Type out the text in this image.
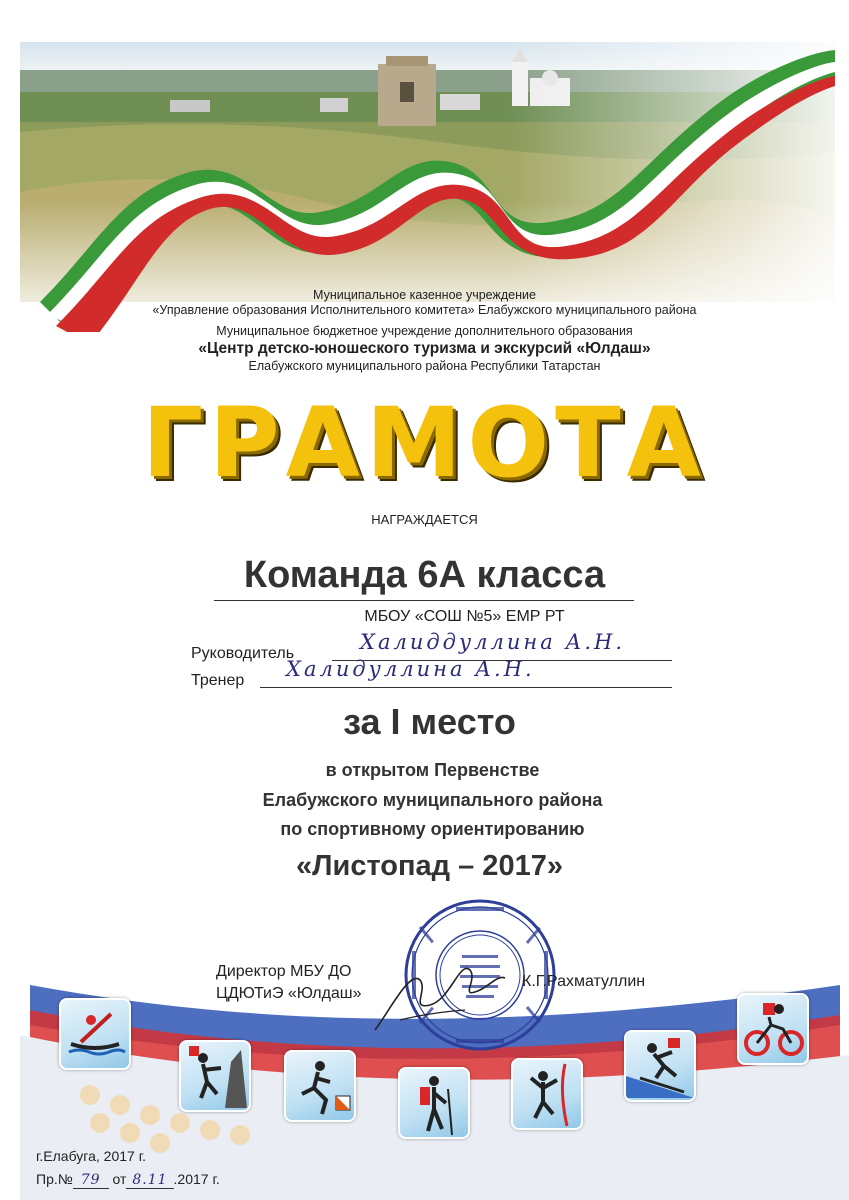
Муниципальное казенное учреждение
«Управление образования Исполнительного комитета» Елабужского муниципального района
Муниципальное бюджетное учреждение дополнительного образования
«Центр детско-юношеского туризма и экскурсий «Юлдаш»
Елабужского муниципального района Республики Татарстан
ГРАМОТА
НАГРАЖДАЕТСЯ
Команда 6А класса
МБОУ «СОШ №5» ЕМР РТ
Руководитель	Халиддуллина А.Н.
Тренер Халидуллина А.Н.
за I место
в открытом Первенстве
Елабужского муниципального района
по спортивному ориентированию
«Листопад – 2017»
Директор МБУ ДО
ЦДЮТиЭ «Юлдаш»
К.Г.Рахматуллин
г.Елабуга, 2017 г.
Пр.№ 79 от 8.11 .2017 г.
